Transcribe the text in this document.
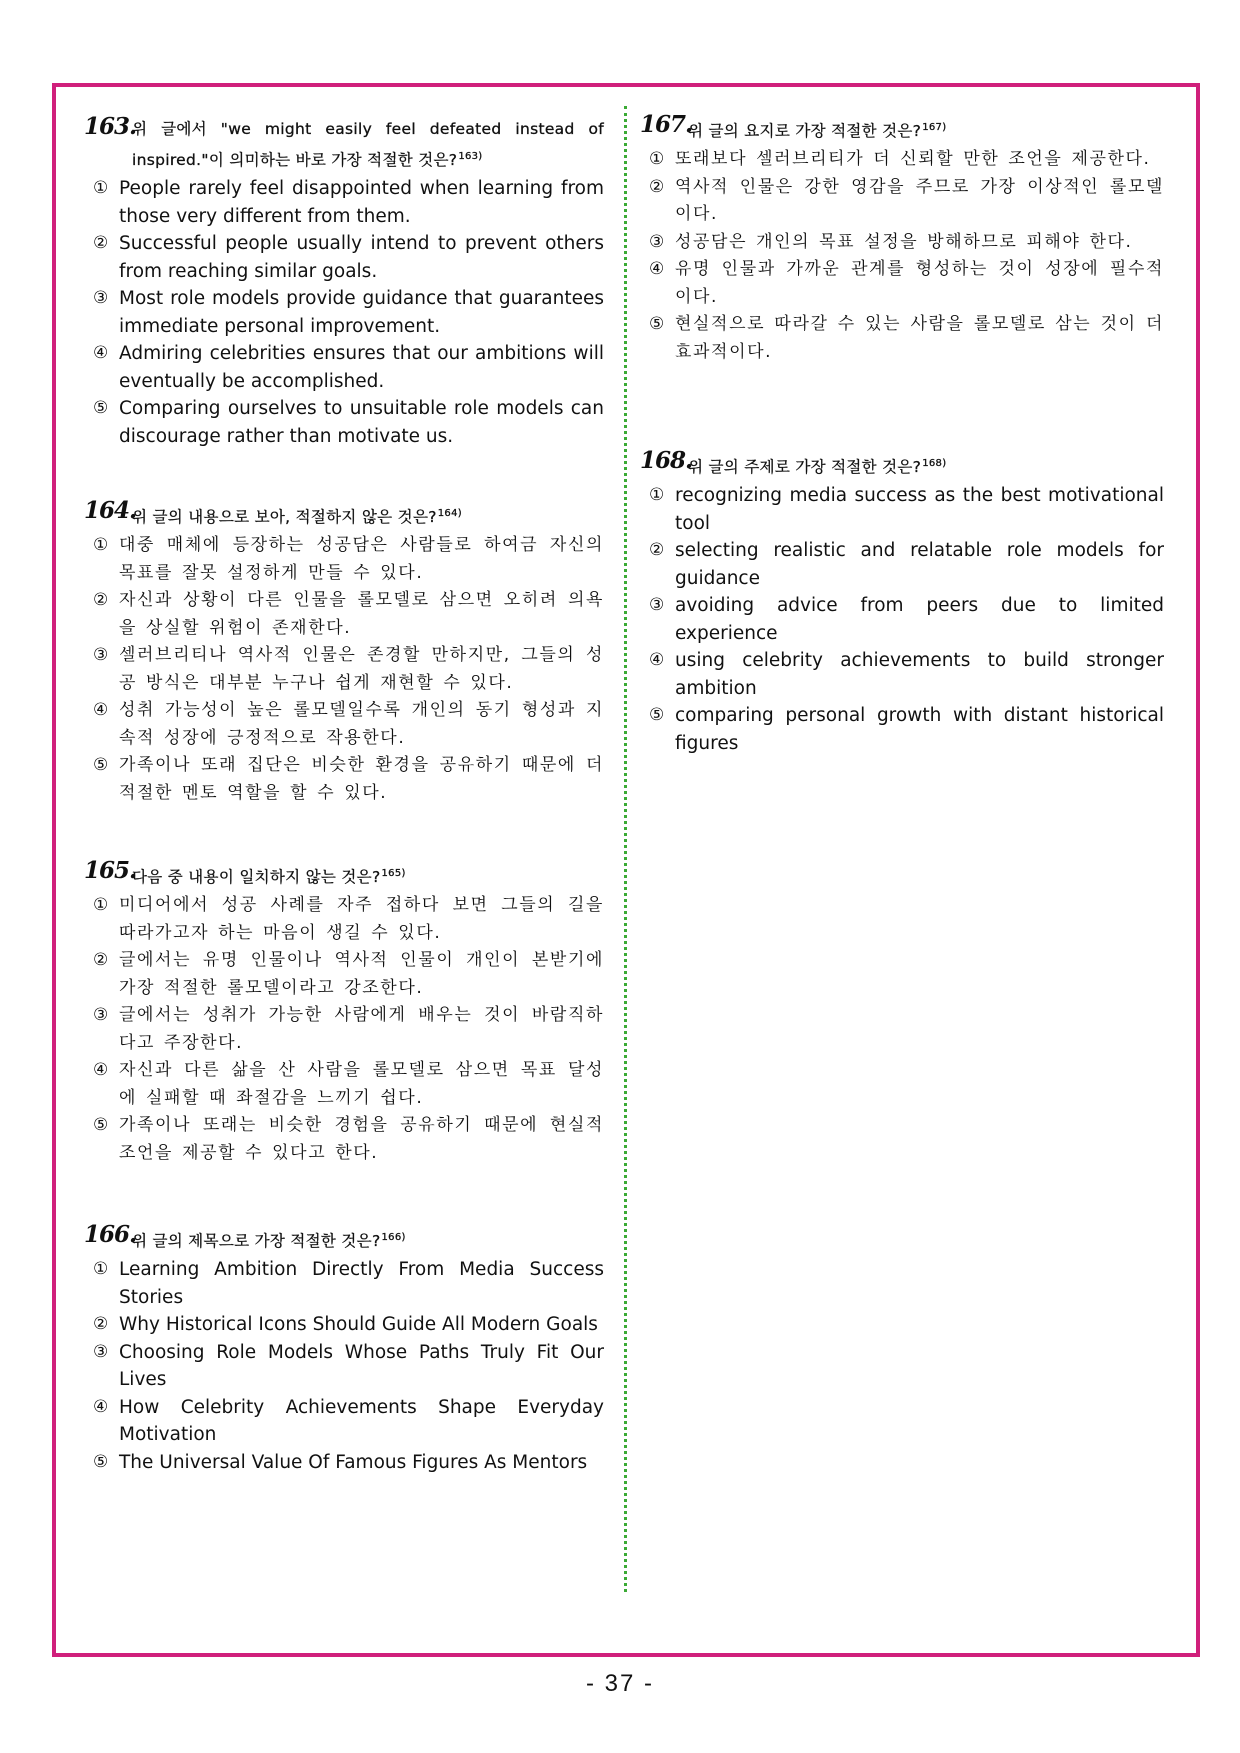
163.
위 글에서 "we might easily feel defeated instead of inspired."이 의미하는 바로 가장 적절한 것은?$^{163)}$
① People rarely feel disappointed when learning from those very different from them.
② Successful people usually intend to prevent others from reaching similar goals.
③ Most role models provide guidance that guarantees immediate personal improvement.
④ Admiring celebrities ensures that our ambitions will eventually be accomplished.
⑤ Comparing ourselves to unsuitable role models can discourage rather than motivate us.
164.
위 글의 내용으로 보아, 적절하지 않은 것은?$^{164)}$
① 대중 매체에 등장하는 성공담은 사람들로 하여금 자신의 목표를 잘못 설정하게 만들 수 있다.
② 자신과 상황이 다른 인물을 롤모델로 삼으면 오히려 의욕을 상실할 위험이 존재한다.
③ 셀러브리티나 역사적 인물은 존경할 만하지만, 그들의 성공 방식은 대부분 누구나 쉽게 재현할 수 있다.
④ 성취 가능성이 높은 롤모델일수록 개인의 동기 형성과 지속적 성장에 긍정적으로 작용한다.
⑤ 가족이나 또래 집단은 비슷한 환경을 공유하기 때문에 더 적절한 멘토 역할을 할 수 있다.
165.
다음 중 내용이 일치하지 않는 것은?$^{165)}$
① 미디어에서 성공 사례를 자주 접하다 보면 그들의 길을 따라가고자 하는 마음이 생길 수 있다.
② 글에서는 유명 인물이나 역사적 인물이 개인이 본받기에 가장 적절한 롤모델이라고 강조한다.
③ 글에서는 성취가 가능한 사람에게 배우는 것이 바람직하다고 주장한다.
④ 자신과 다른 삶을 산 사람을 롤모델로 삼으면 목표 달성에 실패할 때 좌절감을 느끼기 쉽다.
⑤ 가족이나 또래는 비슷한 경험을 공유하기 때문에 현실적 조언을 제공할 수 있다고 한다.
166.
위 글의 제목으로 가장 적절한 것은?$^{166)}$
① Learning Ambition Directly From Media Success Stories
② Why Historical Icons Should Guide All Modern Goals
③ Choosing Role Models Whose Paths Truly Fit Our Lives
④ How Celebrity Achievements Shape Everyday Motivation
⑤ The Universal Value Of Famous Figures As Mentors
167.
위 글의 요지로 가장 적절한 것은?$^{167)}$
① 또래보다 셀러브리티가 더 신뢰할 만한 조언을 제공한다.
② 역사적 인물은 강한 영감을 주므로 가장 이상적인 롤모델이다.
③ 성공담은 개인의 목표 설정을 방해하므로 피해야 한다.
④ 유명 인물과 가까운 관계를 형성하는 것이 성장에 필수적이다.
⑤ 현실적으로 따라갈 수 있는 사람을 롤모델로 삼는 것이 더 효과적이다.
168.
위 글의 주제로 가장 적절한 것은?$^{168)}$
① recognizing media success as the best motivational tool
② selecting realistic and relatable role models for guidance
③ avoiding advice from peers due to limited experience
④ using celebrity achievements to build stronger ambition
⑤ comparing personal growth with distant historical figures
- 37 -
